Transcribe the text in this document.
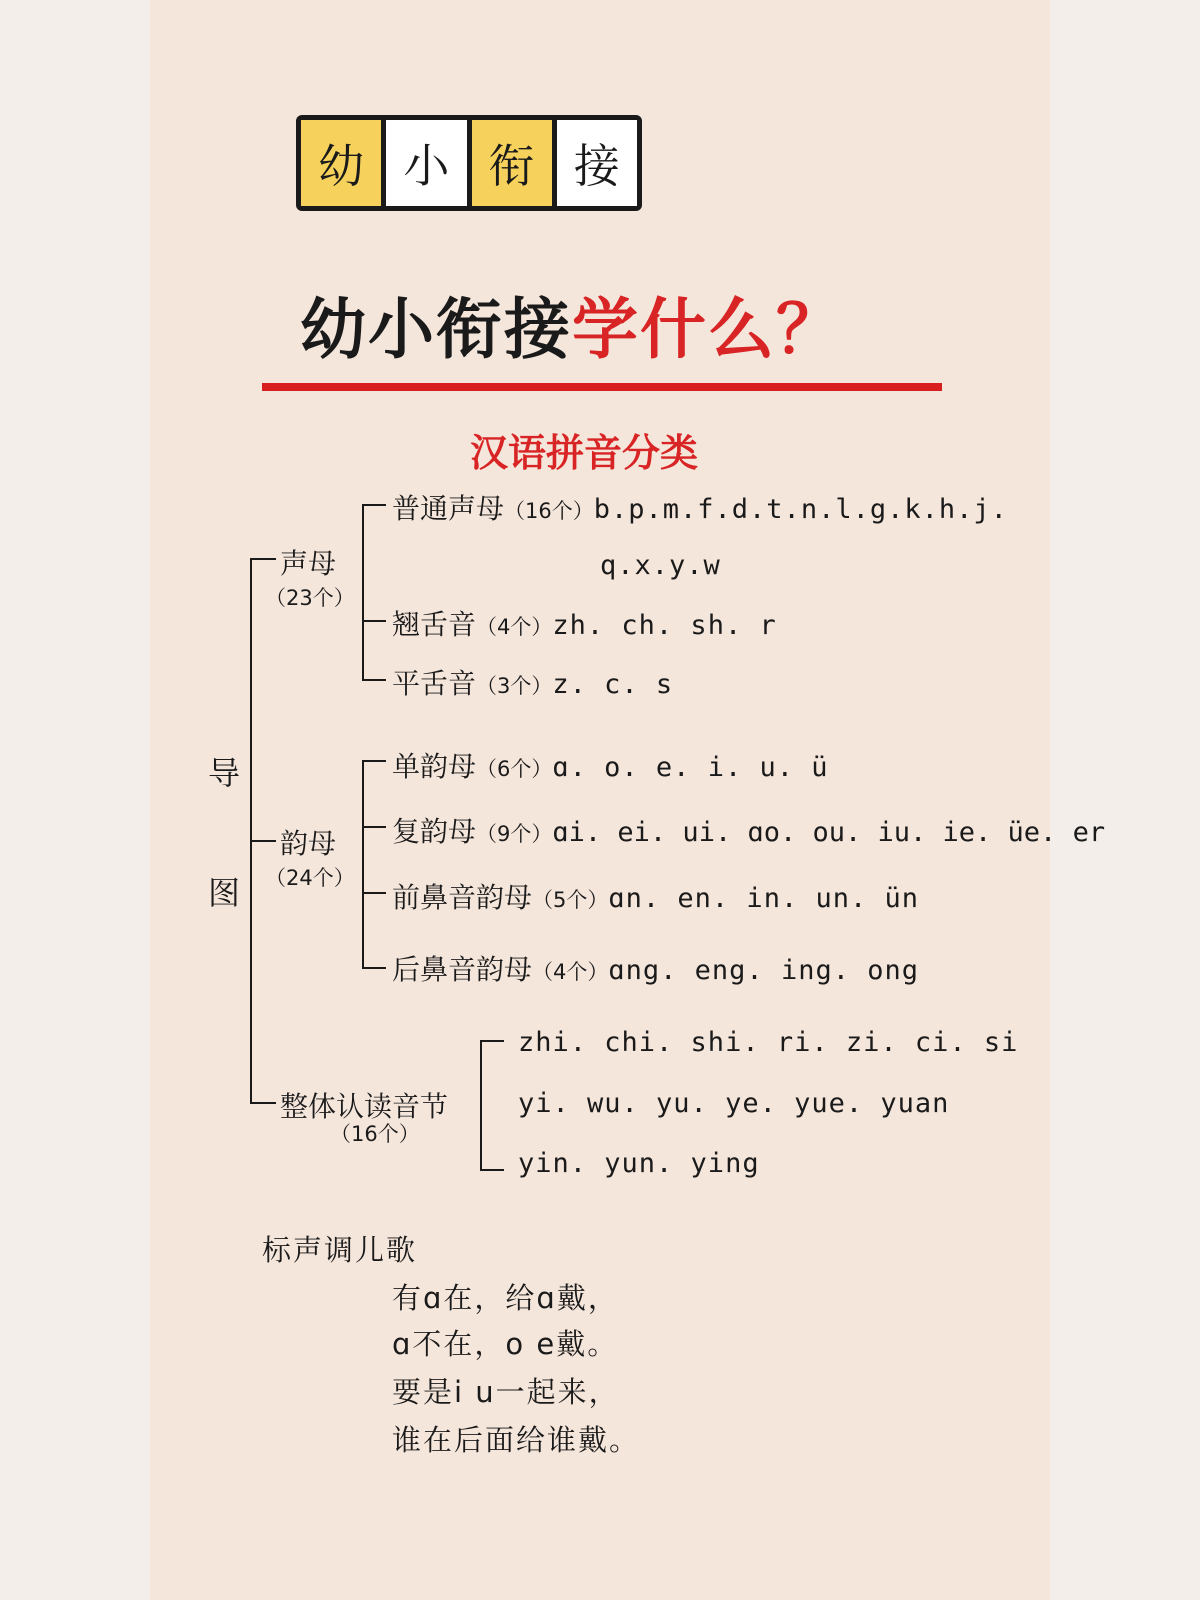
幼 小 衔 接
幼小衔接学什么？
汉语拼音分类
导
图
声母
（23个）
普通声母（16个）b.p.m.f.d.t.n.l.g.k.h.j.
q.x.y.w
翘舌音（4个）zh. ch. sh. r
平舌音（3个）z. c. s
韵母
（24个）
单韵母（6个）ɑ. o. e. i. u. ü
复韵母（9个）ɑi. ei. ui. ɑo. ou. iu. ie. üe. er
前鼻音韵母（5个）ɑn. en. in. un. ün
后鼻音韵母（4个）ɑng. eng. ing. ong
整体认读音节
（16个）
zhi. chi. shi. ri. zi. ci. si
yi. wu. yu. ye. yue. yuan
yin. yun. ying
标声调儿歌
有ɑ在，给ɑ戴，
ɑ不在，o e戴。
要是i u一起来，
谁在后面给谁戴。
